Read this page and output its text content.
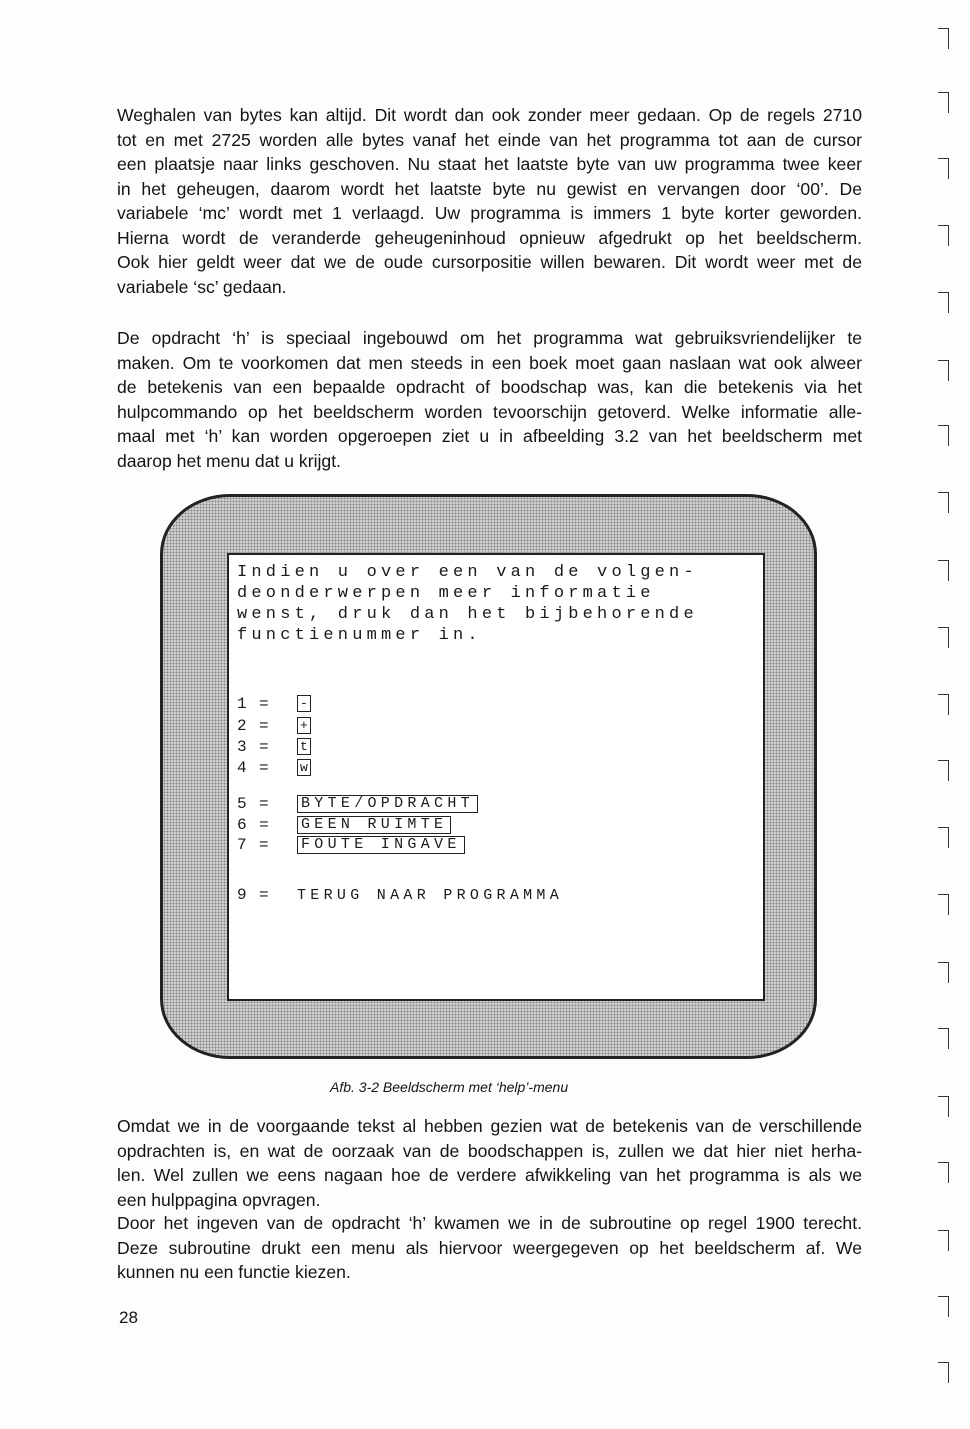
Weghalen van bytes kan altijd. Dit wordt dan ook zonder meer gedaan. Op de regels 2710
tot en met 2725 worden alle bytes vanaf het einde van het programma tot aan de cursor
een plaatsje naar links geschoven. Nu staat het laatste byte van uw programma twee keer
in het geheugen, daarom wordt het laatste byte nu gewist en vervangen door ‘00’. De
variabele ‘mc’ wordt met 1 verlaagd. Uw programma is immers 1 byte korter geworden.
Hierna wordt de veranderde geheugeninhoud opnieuw afgedrukt op het beeldscherm.
Ook hier geldt weer dat we de oude cursorpositie willen bewaren. Dit wordt weer met de
variabele ‘sc’ gedaan.

De opdracht ‘h’ is speciaal ingebouwd om het programma wat gebruiksvriendelijker te
maken. Om te voorkomen dat men steeds in een boek moet gaan naslaan wat ook alweer
de betekenis van een bepaalde opdracht of boodschap was, kan die betekenis via het
hulpcommando op het beeldscherm worden tevoorschijn getoverd. Welke informatie alle-
maal met ‘h’ kan worden opgeroepen ziet u in afbeelding 3.2 van het beeldscherm met
daarop het menu dat u krijgt.

Indien u over een van de volgen-
deonderwerpen meer informatie
wenst, druk dan het bijbehorende
functienummer in.
1 = -
2 = +
3 = t
4 = w
5 = BYTE/OPDRACHT
6 = GEEN RUIMTE
7 = FOUTE INGAVE
9 = TERUG NAAR PROGRAMMA
Afb. 3-2 Beeldscherm met ‘help’-menu

Omdat we in de voorgaande tekst al hebben gezien wat de betekenis van de verschillende
opdrachten is, en wat de oorzaak van de boodschappen is, zullen we dat hier niet herha-
len. Wel zullen we eens nagaan hoe de verdere afwikkeling van het programma is als we
een hulppagina opvragen.

Door het ingeven van de opdracht ‘h’ kwamen we in de subroutine op regel 1900 terecht.
Deze subroutine drukt een menu als hiervoor weergegeven op het beeldscherm af. We
kunnen nu een functie kiezen.

28
